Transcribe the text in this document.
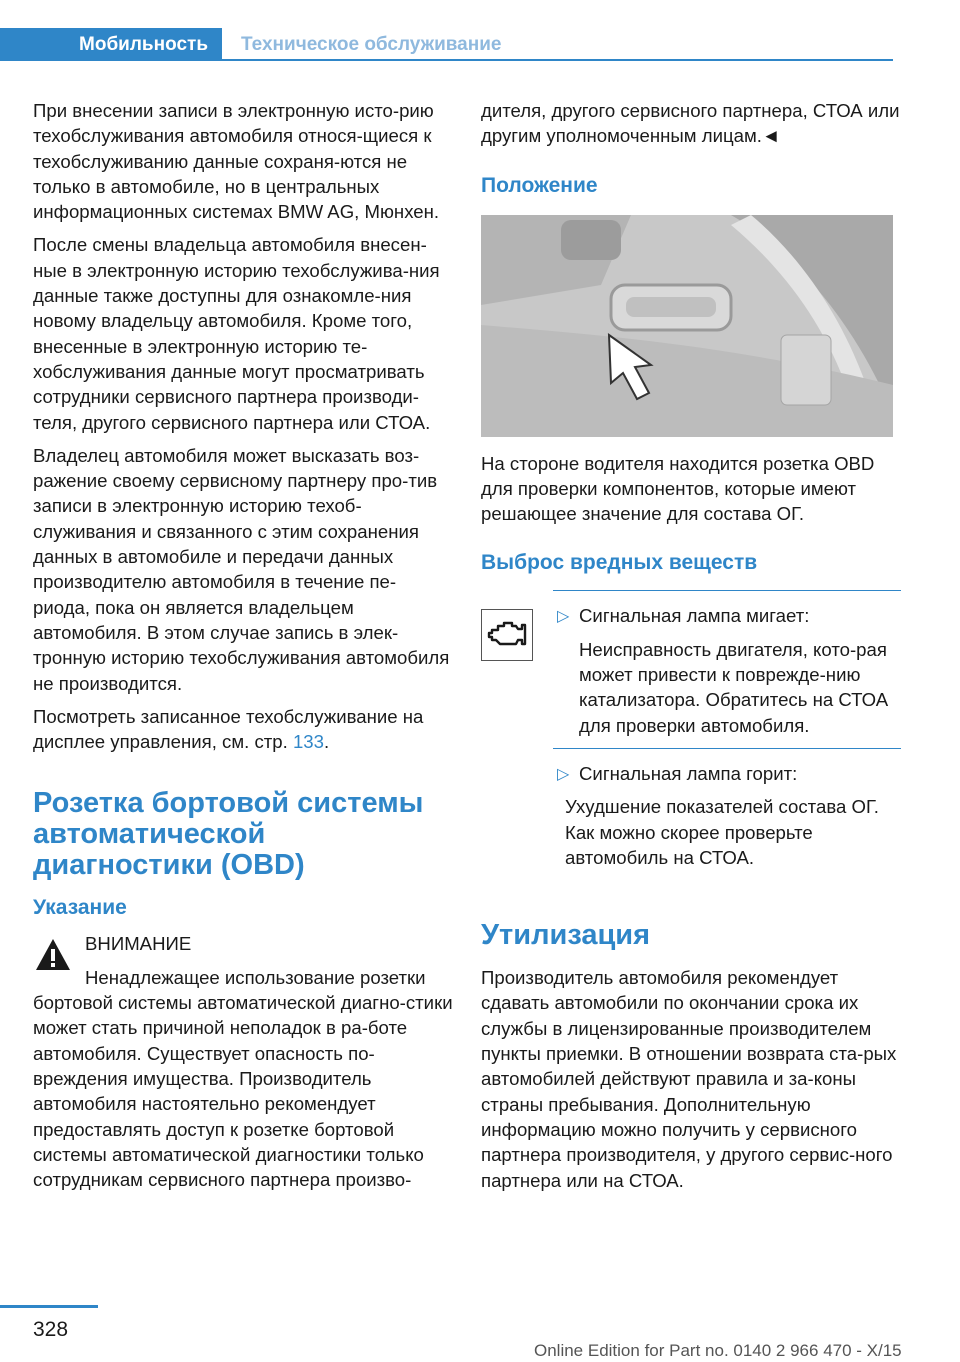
Мобильность	Техническое обслуживание

При внесении записи в электронную исто-рию техобслуживания автомобиля относя-щиеся к техобслуживанию данные сохраня-ются не только в автомобиле, но в центральных информационных системах BMW AG, Мюнхен.

После смены владельца автомобиля внесен-ные в электронную историю техобслужива-ния данные также доступны для ознакомле-ния новому владельцу автомобиля. Кроме того, внесенные в электронную историю те-хобслуживания данные могут просматривать сотрудники сервисного партнера производи-теля, другого сервисного партнера или СТОА.

Владелец автомобиля может высказать воз-ражение своему сервисному партнеру про-тив записи в электронную историю техоб-служивания и связанного с этим сохранения данных в автомобиле и передачи данных производителю автомобиля в течение пе-риода, пока он является владельцем автомобиля. В этом случае запись в элек-тронную историю техобслуживания автомобиля не производится.

Посмотреть записанное техобслуживание на дисплее управления, см. стр. 133.

Розетка бортовой системы автоматической диагностики (OBD)
Указание
ВНИМАНИЕ
Ненадлежащее использование розетки

бортовой системы автоматической диагно-стики может стать причиной неполадок в ра-боте автомобиля. Существует опасность по-вреждения имущества. Производитель автомобиля настоятельно рекомендует предоставлять доступ к розетке бортовой системы автоматической диагностики только сотрудникам сервисного партнера произво-

дителя, другого сервисного партнера, СТОА или другим уполномоченным лицам.◄

Положение

На стороне водителя находится розетка OBD для проверки компонентов, которые имеют решающее значение для состава ОГ.

Выброс вредных веществ
▷ Сигнальная лампа мигает:
Неисправность двигателя, кото-рая может привести к поврежде-нию катализатора. Обратитесь на СТОА для проверки автомобиля.
▷ Сигнальная лампа горит:
Ухудшение показателей состава ОГ. Как можно скорее проверьте автомобиль на СТОА.
Утилизация

Производитель автомобиля рекомендует сдавать автомобили по окончании срока их службы в лицензированные производителем пункты приемки. В отношении возврата ста-рых автомобилей действуют правила и за-коны страны пребывания. Дополнительную информацию можно получить у сервисного партнера производителя, у другого сервис-ного партнера или на СТОА.

328
Online Edition for Part no. 0140 2 966 470 - X/15
